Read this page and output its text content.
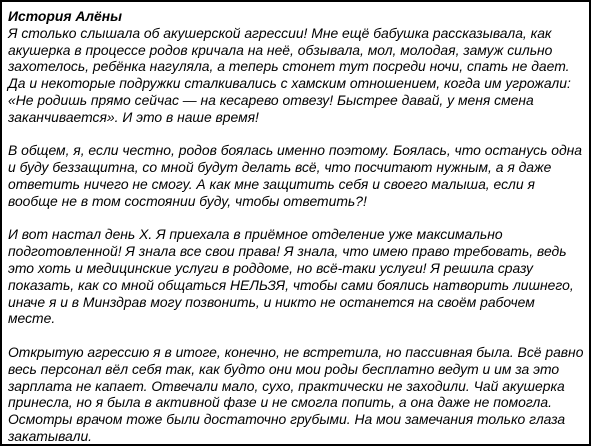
История Алёны

Я столько слышала об акушерской агрессии! Мне ещё бабушка рассказывала, как акушерка в процессе родов кричала на неё, обзывала, мол, молодая, замуж сильно захотелось, ребёнка нагуляла, а теперь стонет тут посреди ночи, спать не дает. Да и некоторые подружки сталкивались с хамским отношением, когда им угрожали: «Не родишь прямо сейчас — на кесарево отвезу! Быстрее давай, у меня смена заканчивается». И это в наше время!

В общем, я, если честно, родов боялась именно поэтому. Боялась, что останусь одна и буду беззащитна, со мной будут делать всё, что посчитают нужным, а я даже ответить ничего не смогу. А как мне защитить себя и своего малыша, если я вообще не в том состоянии буду, чтобы ответить?!

И вот настал день Х. Я приехала в приёмное отделение уже максимально подготовленной! Я знала все свои права! Я знала, что имею право требовать, ведь это хоть и медицинские услуги в роддоме, но всё-таки услуги! Я решила сразу показать, как со мной общаться НЕЛЬЗЯ, чтобы сами боялись натворить лишнего, иначе я и в Минздрав могу позвонить, и никто не останется на своём рабочем месте.

Открытую агрессию я в итоге, конечно, не встретила, но пассивная была. Всё равно весь персонал вёл себя так, как будто они мои роды бесплатно ведут и им за это зарплата не капает. Отвечали мало, сухо, практически не заходили. Чай акушерка принесла, но я была в активной фазе и не смогла попить, а она даже не помогла. Осмотры врачом тоже были достаточно грубыми. На мои замечания только глаза закатывали.
